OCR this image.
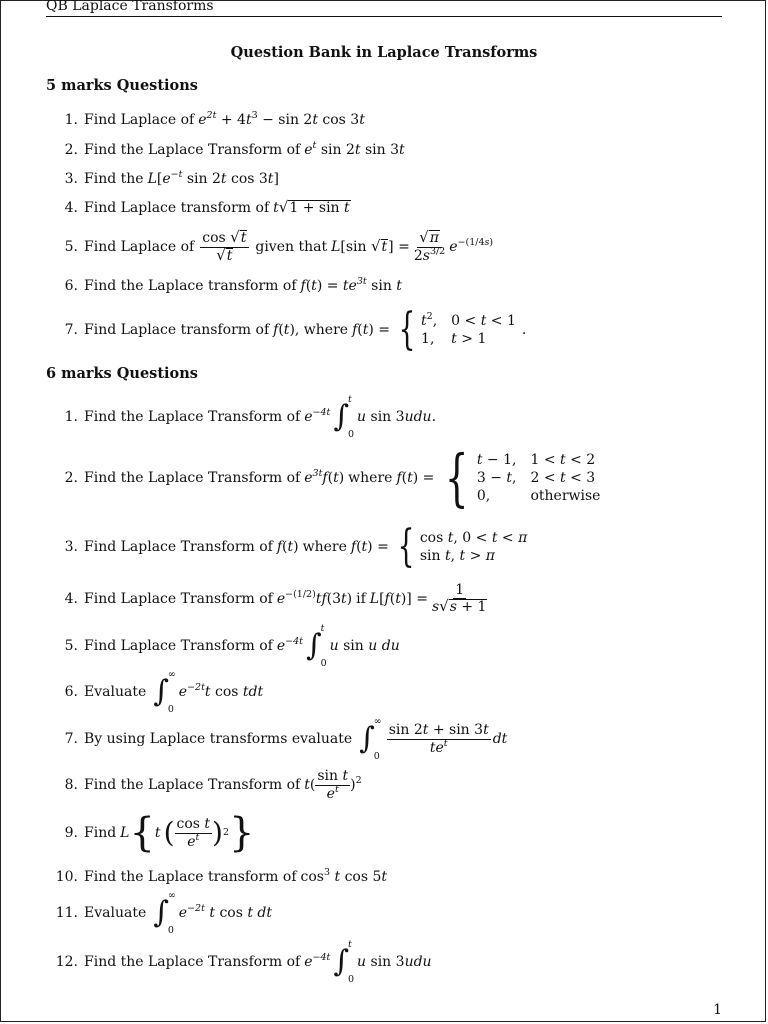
QB Laplace Transforms
Question Bank in Laplace Transforms
5 marks Questions
1. Find Laplace of $e^{2t} + 4t^3 - \sin 2t$ cos 3t
2. Find the Laplace Transform of $e^t$ sin 2t sin 3t
3. Find the $L[e^{-t}$ sin 2t cos 3t]
4. Find Laplace transform of t √ 1 + sin t
5. Find Laplace of $\frac{\cos √ t}{√ t}$ given that L[sin √ t ] = $\frac{√ \pi}{2s^{3/2}} e^{-(1/4s)}$
6. Find the Laplace transform of $f(t) = te^{3t}$ sin t
7. Find Laplace transform of f(t) , where f(t) = { $t^2$, 0 < t < 1
1, t > 1
.
6 marks Questions
1. Find the Laplace Transform of $e^{-4t}$ ∫ t
0
u sin 3udu.
2. Find the Laplace Transform of $e^{3t}f(t)$ where f(t) = { t − 1, 1 < t < 2
3 − t, 2 < t < 3
0,	otherwise
3. Find Laplace Transform of f(t) where f(t) = { cos t, 0 < t < π
sin t, t > π
4. Find Laplace Transform of $e^{-(1/2)}tf(3t)$ if $L[f(t)] = \frac{1}{s √ s + 1}$
5. Find Laplace Transform of $e^{-4t}$ ∫ t
0
u sin u du
6. Evaluate ∫ ∞
0
$e^{-2t}t$ cos tdt
7. By using Laplace transforms evaluate ∫ ∞
0
$\frac{\sin 2t + \sin 3t}{te^t}$ dt
8. Find the Laplace Transform of $t( \frac{\text{sin t}}{e^t} )^2$
9. Find L { t ( $\frac{\text{cos t}}{e^t}$ ) 2 }
10. Find the Laplace transform of $\cos^3 t$ cos 5t
11. Evaluate ∫ ∞
0
$e^{-2t}$ t cos t dt
12. Find the Laplace Transform of $e^{-4t}$ ∫ t
0
u sin 3udu
1
